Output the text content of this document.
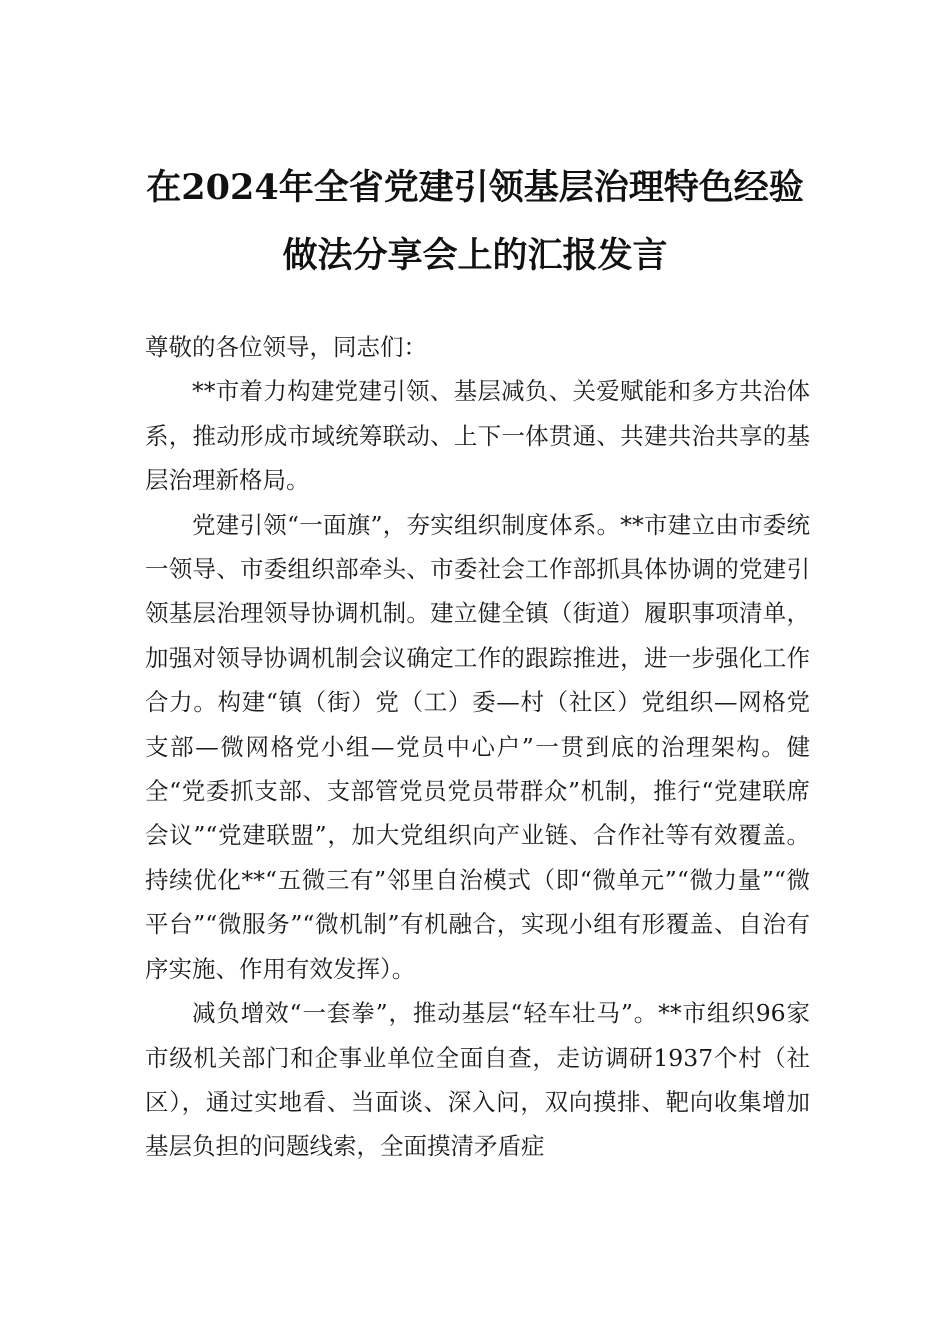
在2024年全省党建引领基层治理特色经验
做法分享会上的汇报发言

尊敬的各位领导，同志们：

**市着力构建党建引领、基层减负、关爱赋能和多方共治体系，推动形成市域统筹联动、上下一体贯通、共建共治共享的基层治理新格局。

党建引领“一面旗”，夯实组织制度体系。**市建立由市委统一领导、市委组织部牵头、市委社会工作部抓具体协调的党建引领基层治理领导协调机制。建立健全镇（街道）履职事项清单，加强对领导协调机制会议确定工作的跟踪推进，进一步强化工作合力。构建“镇（街）党（工）委—村（社区）党组织—网格党支部—微网格党小组—党员中心户”一贯到底的治理架构。健全“党委抓支部、支部管党员党员带群众”机制，推行“党建联席会议”“党建联盟”，加大党组织向产业链、合作社等有效覆盖。持续优化**“五微三有”邻里自治模式（即“微单元”“微力量”“微平台”“微服务”“微机制”有机融合，实现小组有形覆盖、自治有序实施、作用有效发挥）。

减负增效“一套拳”，推动基层“轻车壮马”。**市组织96家市级机关部门和企事业单位全面自查，走访调研1937个村（社区），通过实地看、当面谈、深入问，双向摸排、靶向收集增加基层负担的问题线索，全面摸清矛盾症
